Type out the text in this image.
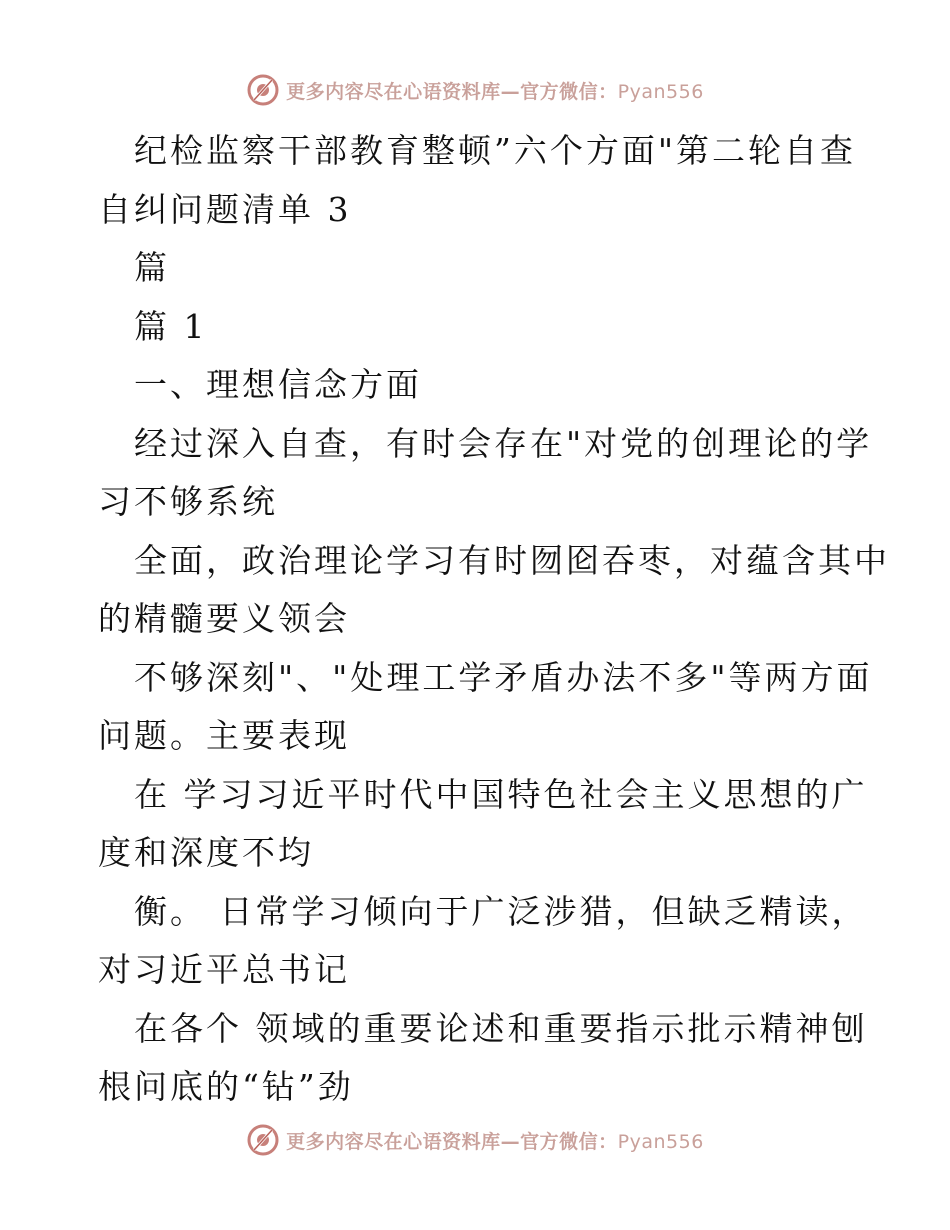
更多内容尽在心语资料库—官方微信：Pyan556
纪检监察干部教育整顿”六个方面"第二轮自查
自纠问题清单 3
篇
篇 1
一、理想信念方面
经过深入自查，有时会存在"对党的创理论的学
习不够系统
全面，政治理论学习有时囫囵吞枣，对蕴含其中
的精髓要义领会
不够深刻"、"处理工学矛盾办法不多"等两方面
问题。主要表现
在 学习习近平时代中国特色社会主义思想的广
度和深度不均
衡。 日常学习倾向于广泛涉猎，但缺乏精读，
对习近平总书记
在各个 领域的重要论述和重要指示批示精神刨
根问底的“钻”劲
更多内容尽在心语资料库—官方微信：Pyan556
